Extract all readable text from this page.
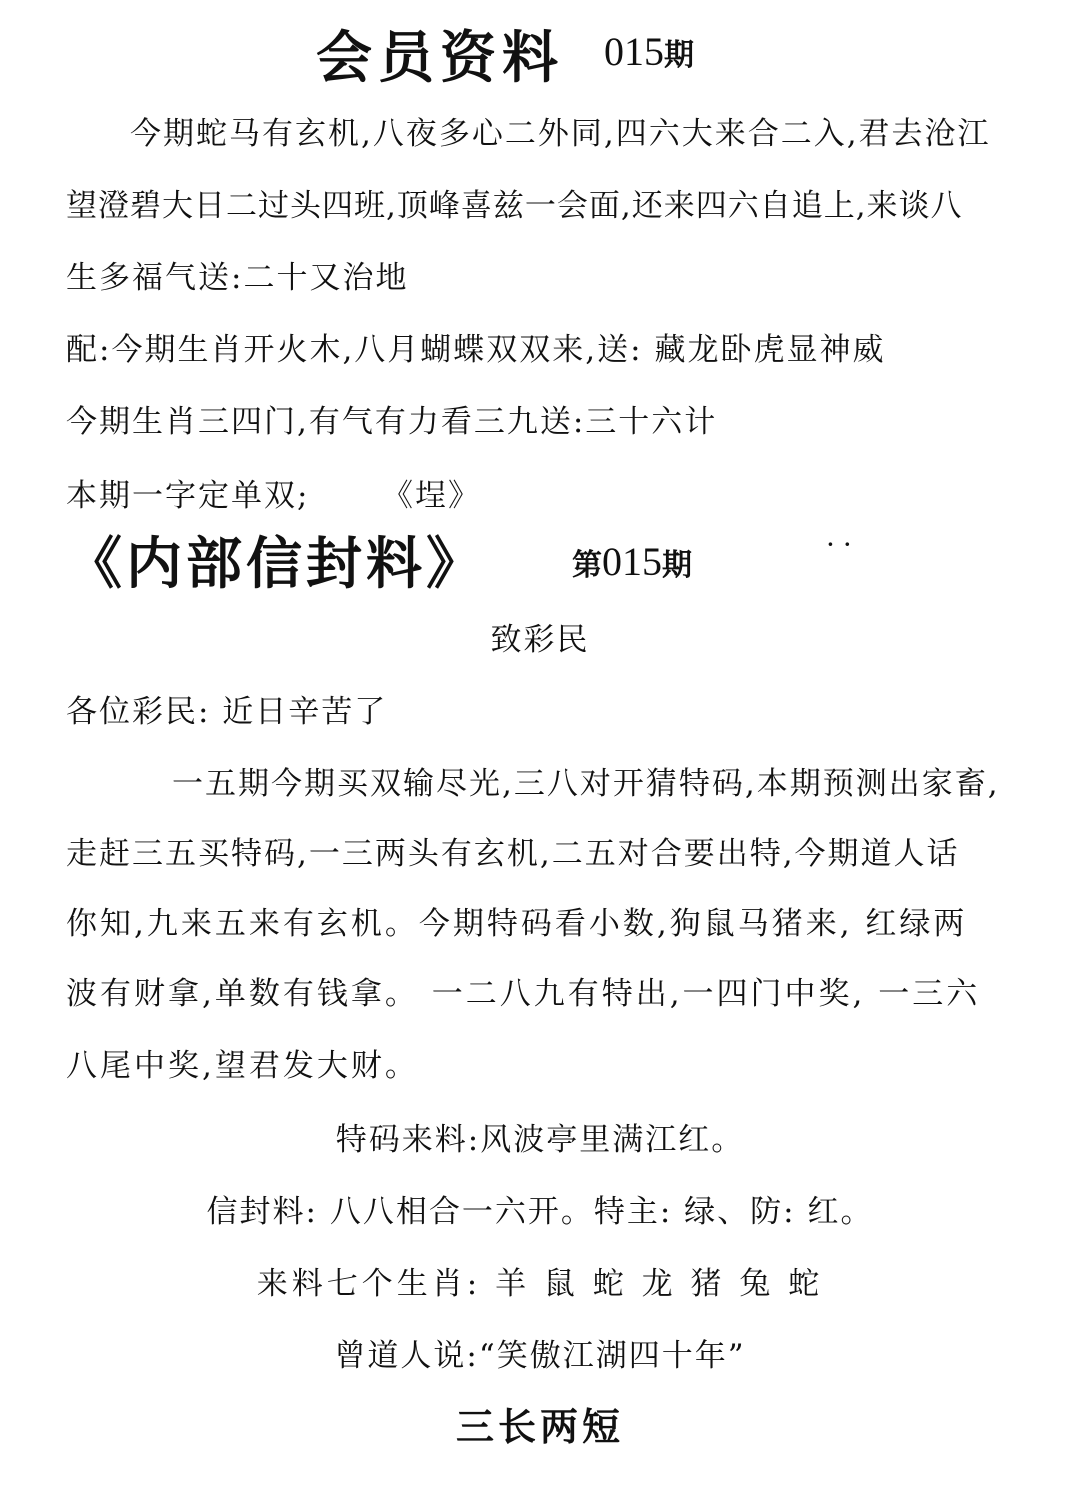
会员资料 015期
今期蛇马有玄机,八夜多心二外同,四六大来合二入,君去沧江
望澄碧大日二过头四班,顶峰喜兹一会面,还来四六自追上,来谈八
生多福气送:二十又治地
配:今期生肖开火木,八月蝴蝶双双来,送: 藏龙卧虎显神威
今期生肖三四门,有气有力看三九送:三十六计
本期一字定单双; 《埕》
《内部信封料》	第015期
··
致彩民
各位彩民: 近日辛苦了
一五期今期买双输尽光,三八对开猜特码,本期预测出家畜,
走赶三五买特码,一三两头有玄机,二五对合要出特,今期道人话
你知,九来五来有玄机。今期特码看小数,狗鼠马猪来, 红绿两
波有财拿,单数有钱拿。 一二八九有特出,一四门中奖, 一三六
八尾中奖,望君发大财。
特码来料:风波亭里满江红。
信封料: 八八相合一六开。特主: 绿、防: 红。
来料七个生肖: 羊 鼠 蛇 龙 猪 兔 蛇
曾道人说:“笑傲江湖四十年”
三长两短
